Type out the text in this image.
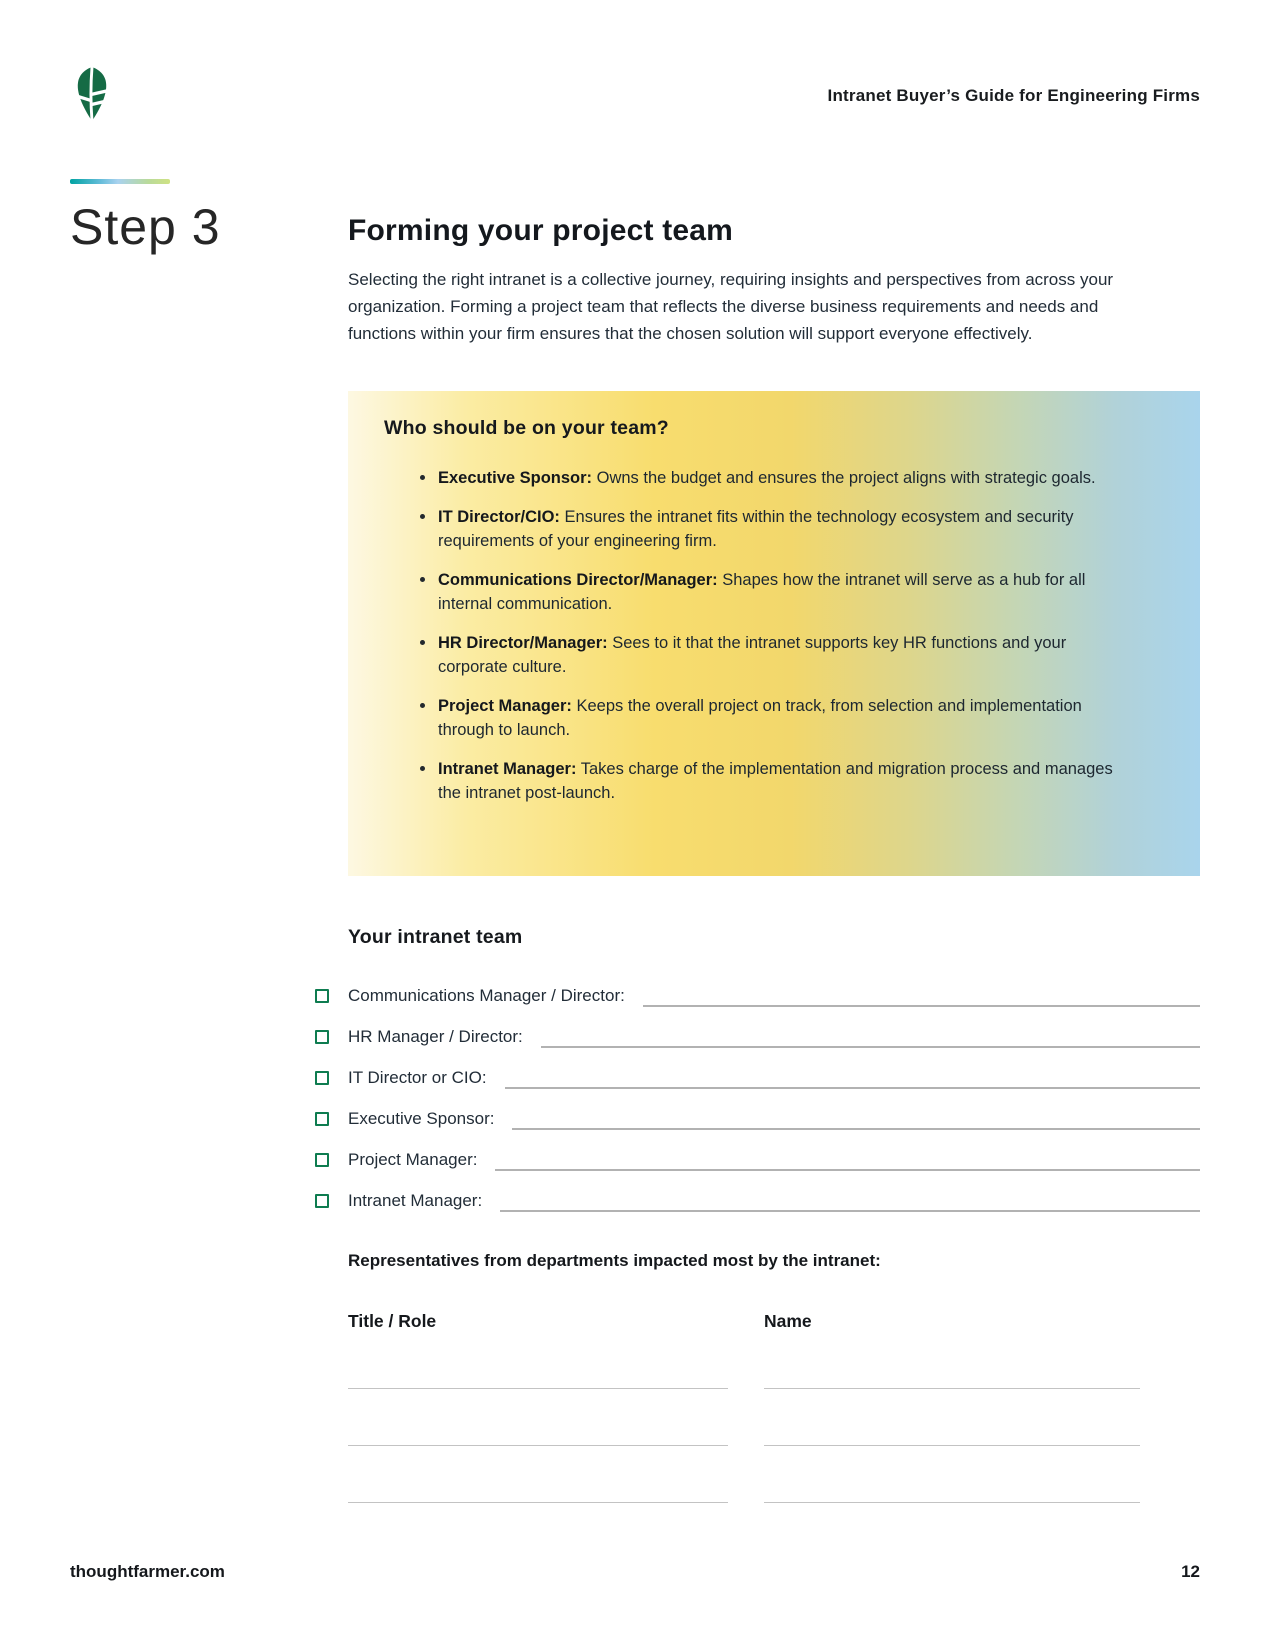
Intranet Buyer’s Guide for Engineering Firms
Step 3	Forming your project team

Selecting the right intranet is a collective journey, requiring insights and perspectives from across your organization. Forming a project team that reflects the diverse business requirements and needs and functions within your firm ensures that the chosen solution will support everyone effectively.

Who should be on your team?
Executive Sponsor: Owns the budget and ensures the project aligns with strategic goals.
IT Director/CIO: Ensures the intranet fits within the technology ecosystem and security requirements of your engineering firm.
Communications Director/Manager: Shapes how the intranet will serve as a hub for all internal communication.
HR Director/Manager: Sees to it that the intranet supports key HR functions and your corporate culture.
Project Manager: Keeps the overall project on track, from selection and implementation through to launch.
Intranet Manager: Takes charge of the implementation and migration process and manages the intranet post-launch.
Your intranet team
Communications Manager / Director:
HR Manager / Director:
IT Director or CIO:
Executive Sponsor:
Project Manager:
Intranet Manager:
Representatives from departments impacted most by the intranet:
Title / Role	Name
thoughtfarmer.com	12
